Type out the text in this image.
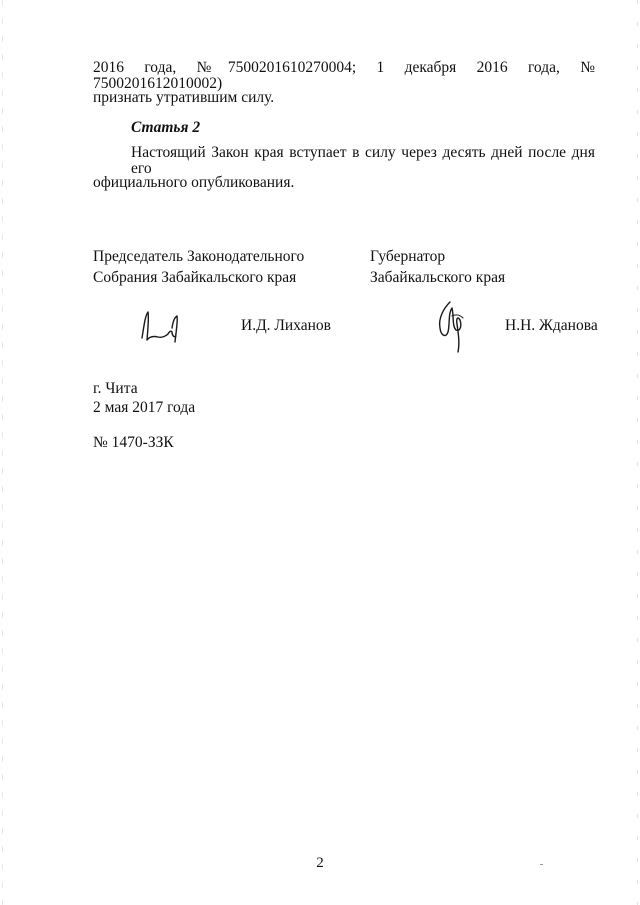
2016 года, №7500201610270004; 1 декабря 2016 года, № 7500201612010002)
признать утратившим силу.
Статья 2
Настоящий Закон края вступает в силу через десять дней после дня его
официального опубликования.
Председатель Законодательного
Собрания Забайкальского края
Губернатор
Забайкальского края
И.Д. Лиханов	Н.Н. Жданова
г. Чита
2 мая 2017 года
№ 1470-ЗЗК
2
